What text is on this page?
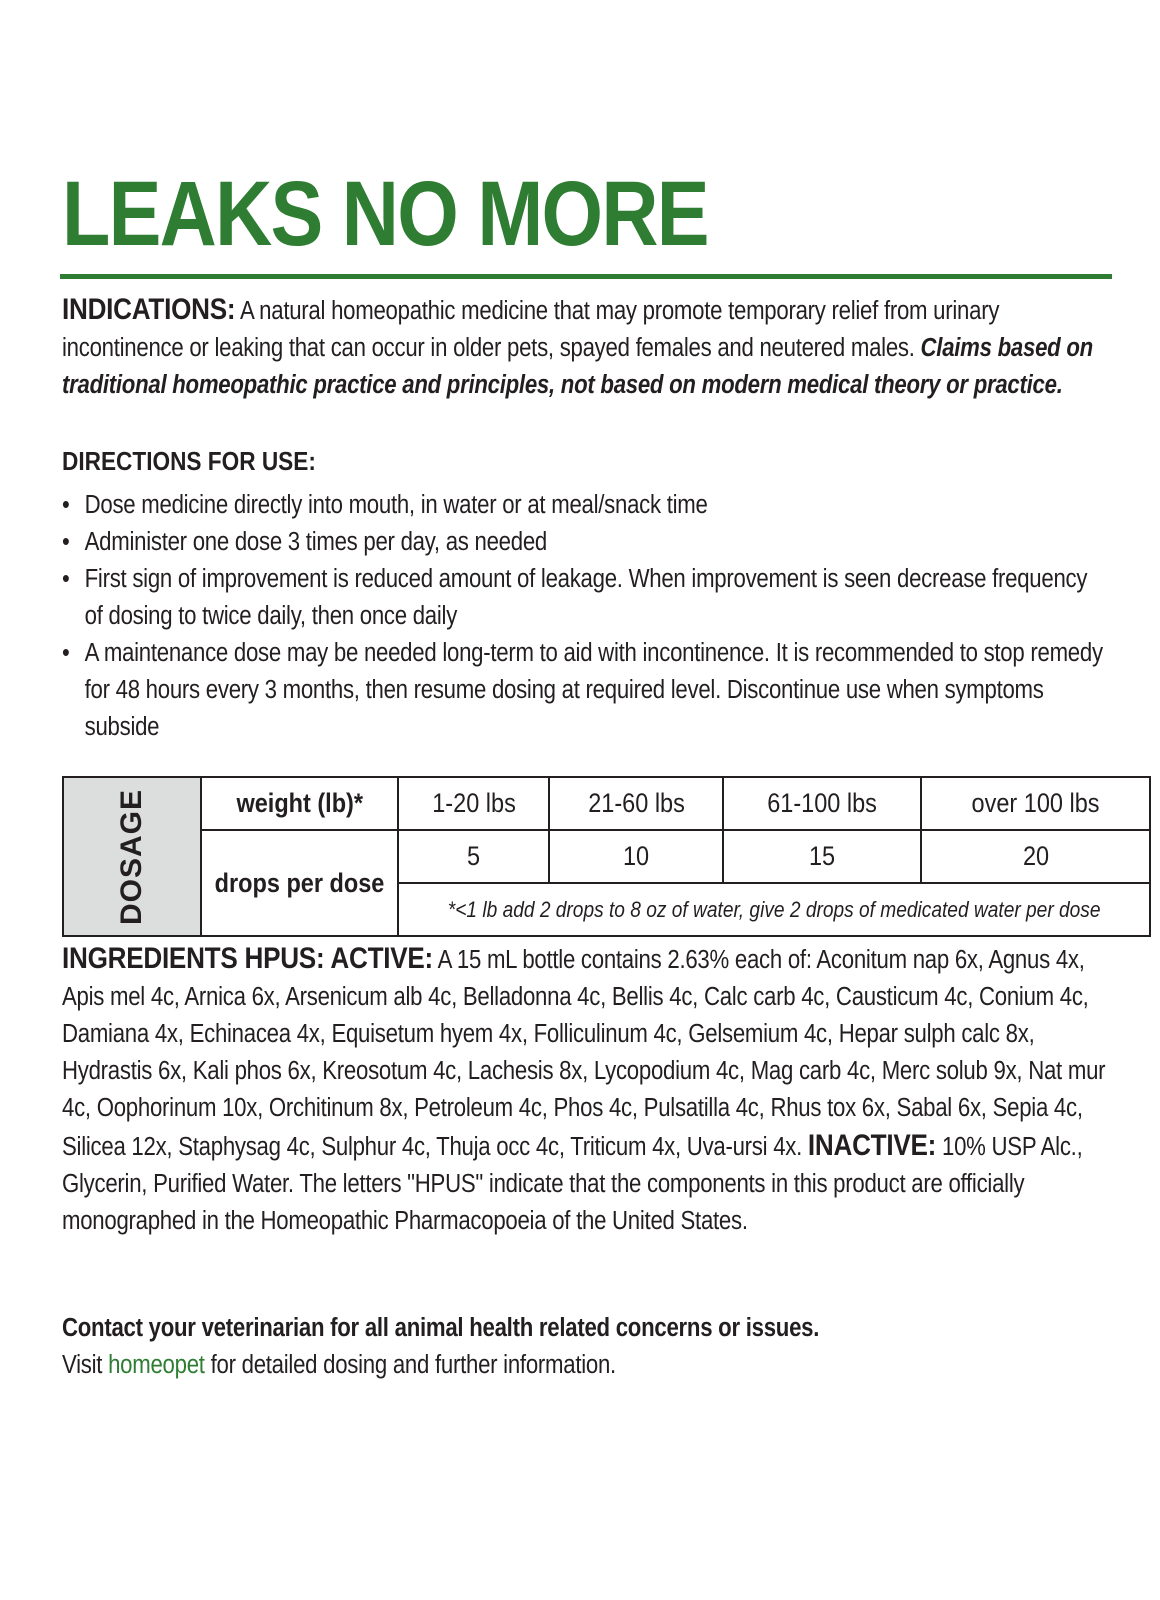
LEAKS NO MORE

INDICATIONS: A natural homeopathic medicine that may promote temporary relief from urinary incontinence or leaking that can occur in older pets, spayed females and neutered males. Claims based on traditional homeopathic practice and principles, not based on modern medical theory or practice.

DIRECTIONS FOR USE:
• Dose medicine directly into mouth, in water or at meal/snack time
• Administer one dose 3 times per day, as needed
• First sign of improvement is reduced amount of leakage. When improvement is seen decrease frequency of dosing to twice daily, then once daily
• A maintenance dose may be needed long-term to aid with incontinence. It is recommended to stop remedy for 48 hours every 3 months, then resume dosing at required level. Discontinue use when symptoms subside
DOSAGE	weight (lb)*	1-20 lbs	21-60 lbs	61-100 lbs	over 100 lbs
	drops per dose	5	10	15	20
		*<1 lb add 2 drops to 8 oz of water, give 2 drops of medicated water per dose			

INGREDIENTS HPUS: ACTIVE: A 15 mL bottle contains 2.63% each of: Aconitum nap 6x, Agnus 4x, Apis mel 4c, Arnica 6x, Arsenicum alb 4c, Belladonna 4c, Bellis 4c, Calc carb 4c, Causticum 4c, Conium 4c, Damiana 4x, Echinacea 4x, Equisetum hyem 4x, Folliculinum 4c, Gelsemium 4c, Hepar sulph calc 8x, Hydrastis 6x, Kali phos 6x, Kreosotum 4c, Lachesis 8x, Lycopodium 4c, Mag carb 4c, Merc solub 9x, Nat mur 4c, Oophorinum 10x, Orchitinum 8x, Petroleum 4c, Phos 4c, Pulsatilla 4c, Rhus tox 6x, Sabal 6x, Sepia 4c, Silicea 12x, Staphysag 4c, Sulphur 4c, Thuja occ 4c, Triticum 4x, Uva-ursi 4x. INACTIVE: 10% USP Alc., Glycerin, Purified Water. The letters "HPUS" indicate that the components in this product are officially monographed in the Homeopathic Pharmacopoeia of the United States.

Contact your veterinarian for all animal health related concerns or issues.
Visit homeopet for detailed dosing and further information.
